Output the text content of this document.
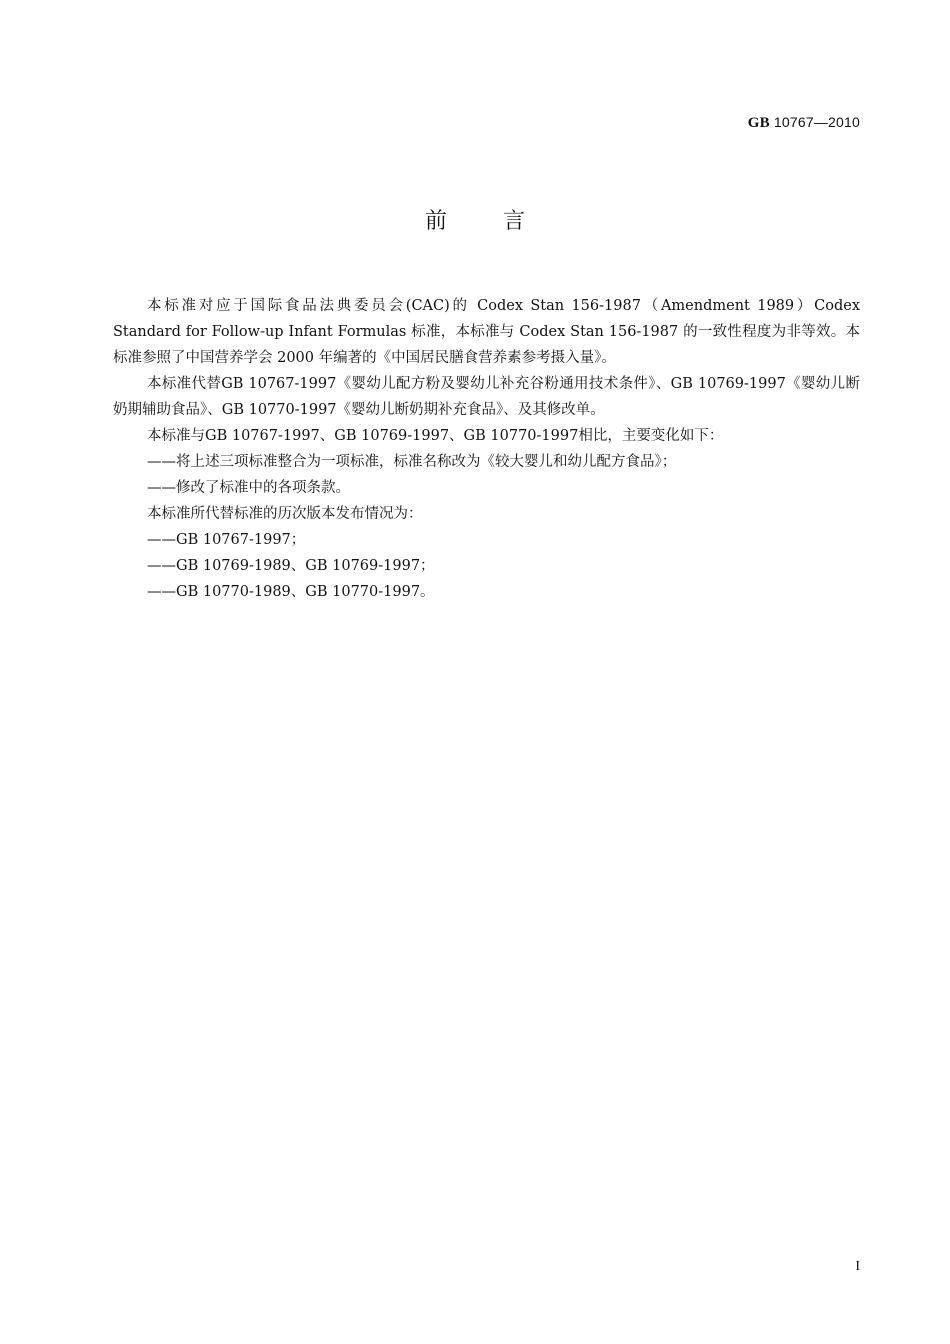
GB 10767—2010
前言

本标准对应于国际食品法典委员会(CAC)的 Codex Stan 156-1987（Amendment 1989）Codex Standard for Follow-up Infant Formulas 标准，本标准与 Codex Stan 156-1987 的一致性程度为非等效。本标准参照了中国营养学会 2000 年编著的《中国居民膳食营养素参考摄入量》。

本标准代替GB 10767-1997《婴幼儿配方粉及婴幼儿补充谷粉通用技术条件》、GB 10769-1997《婴幼儿断奶期辅助食品》、GB 10770-1997《婴幼儿断奶期补充食品》、及其修改单。

本标准与GB 10767-1997、GB 10769-1997、GB 10770-1997相比，主要变化如下：

——将上述三项标准整合为一项标准，标准名称改为《较大婴儿和幼儿配方食品》；

——修改了标准中的各项条款。

本标准所代替标准的历次版本发布情况为：

——GB 10767-1997；

——GB 10769-1989、GB 10769-1997；

——GB 10770-1989、GB 10770-1997。

I
